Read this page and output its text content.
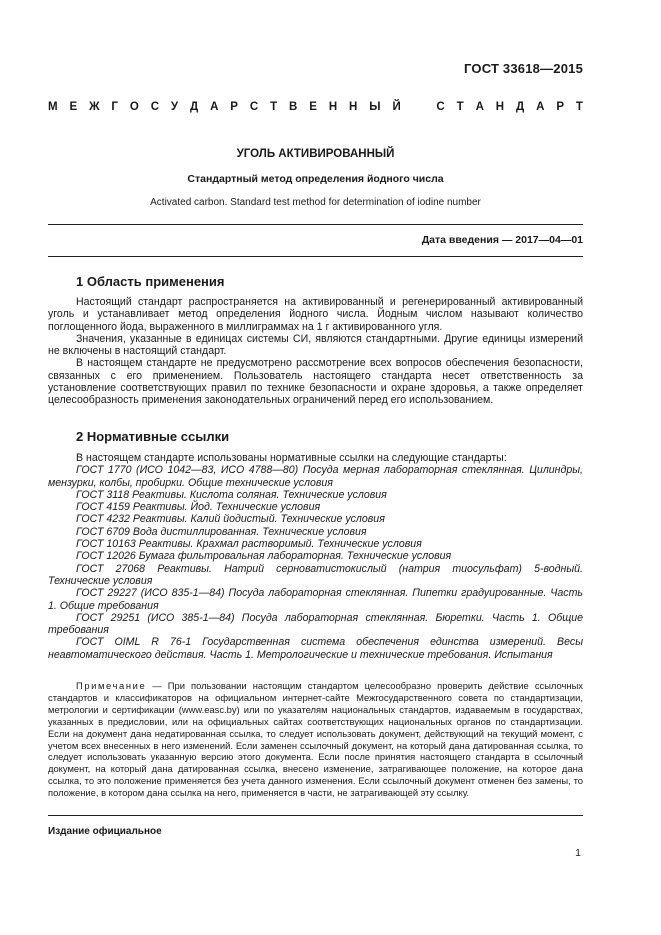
ГОСТ 33618—2015
М Е Ж Г О С У Д А Р С Т В Е Н Н Ы Й	С Т А Н Д А Р Т
УГОЛЬ АКТИВИРОВАННЫЙ
Стандартный метод определения йодного числа
Activated carbon. Standard test method for determination of iodine number
Дата введения — 2017—04—01
1 Область применения

Настоящий стандарт распространяется на активированный и регенерированный активированный уголь и устанавливает метод определения йодного числа. Йодным числом называют количество поглощенного йода, выраженного в миллиграммах на 1 г активированного угля.

Значения, указанные в единицах системы СИ, являются стандартными. Другие единицы измерений не включены в настоящий стандарт.

В настоящем стандарте не предусмотрено рассмотрение всех вопросов обеспечения безопасности, связанных с его применением. Пользователь настоящего стандарта несет ответственность за установление соответствующих правил по технике безопасности и охране здоровья, а также определяет целесообразность применения законодательных ограничений перед его использованием.

2 Нормативные ссылки

В настоящем стандарте использованы нормативные ссылки на следующие стандарты:

ГОСТ 1770 (ИСО 1042—83, ИСО 4788—80) Посуда мерная лабораторная стеклянная. Цилиндры, мензурки, колбы, пробирки. Общие технические условия

ГОСТ 3118 Реактивы. Кислота соляная. Технические условия

ГОСТ 4159 Реактивы. Йод. Технические условия

ГОСТ 4232 Реактивы. Калий йодистый. Технические условия

ГОСТ 6709 Вода дистиллированная. Технические условия

ГОСТ 10163 Реактивы. Крахмал растворимый. Технические условия

ГОСТ 12026 Бумага фильтровальная лабораторная. Технические условия

ГОСТ 27068 Реактивы. Натрий серноватистокислый (натрия тиосульфат) 5-водный. Технические условия

ГОСТ 29227 (ИСО 835-1—84) Посуда лабораторная стеклянная. Пипетки градуированные. Часть 1. Общие требования

ГОСТ 29251 (ИСО 385-1—84) Посуда лабораторная стеклянная. Бюретки. Часть 1. Общие требования

ГОСТ OIML R 76-1 Государственная система обеспечения единства измерений. Весы неавтоматического действия. Часть 1. Метрологические и технические требования. Испытания

Примечание — При пользовании настоящим стандартом целесообразно проверить действие ссылочных стандартов и классификаторов на официальном интернет-сайте Межгосударственного совета по стандартизации, метрологии и сертификации (www.easc.by) или по указателям национальных стандартов, издаваемым в государствах, указанных в предисловии, или на официальных сайтах соответствующих национальных органов по стандартизации. Если на документ дана недатированная ссылка, то следует использовать документ, действующий на текущий момент, с учетом всех внесенных в него изменений. Если заменен ссылочный документ, на который дана датированная ссылка, то следует использовать указанную версию этого документа. Если после принятия настоящего стандарта в ссылочный документ, на который дана датированная ссылка, внесено изменение, затрагивающее положение, на которое дана ссылка, то это положение применяется без учета данного изменения. Если ссылочный документ отменен без замены, то положение, в котором дана ссылка на него, применяется в части, не затрагивающей эту ссылку.

Издание официальное
1
